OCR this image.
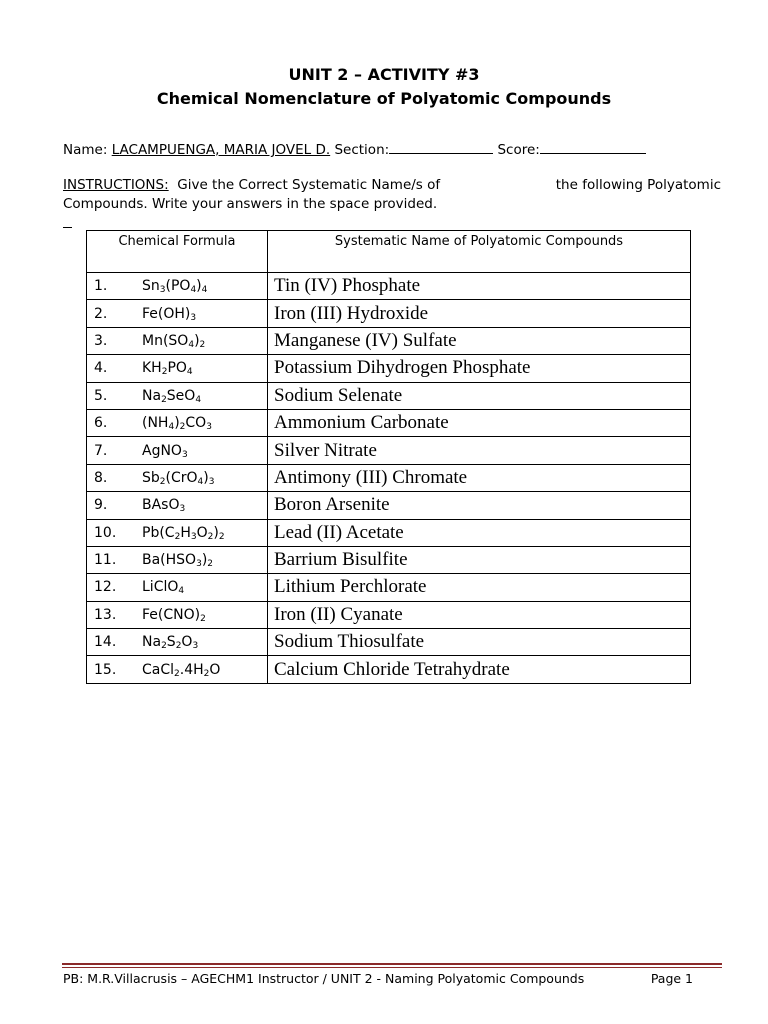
UNIT 2 – ACTIVITY #3
Chemical Nomenclature of Polyatomic Compounds
Name: LACAMPUENGA, MARIA JOVEL D. Section:	Score:
INSTRUCTIONS: Give the Correct Systematic Name/s of	the following Polyatomic
Compounds. Write your answers in the space provided.
Chemical Formula	Systematic Name of Polyatomic Compounds
1. $Sn_3(PO_4)_4$	Tin (IV) Phosphate
2. $Fe(OH)_3$	Iron (III) Hydroxide
3. $Mn(SO_4)_2$	Manganese (IV) Sulfate
4. $KH_2PO_4$	Potassium Dihydrogen Phosphate
5. $Na_2SeO_4$	Sodium Selenate
6. $(NH_4)_2CO_3$	Ammonium Carbonate
7. AgNO$_3$	Silver Nitrate
8. $Sb_2(CrO_4)_3$	Antimony (III) Chromate
9. BAsO$_3$	Boron Arsenite
10. $Pb(C_2H_3O_2)_2$	Lead (II) Acetate
11. $Ba(HSO_3)_2$	Barrium Bisulfite
12. LiClO$_4$	Lithium Perchlorate
13. $Fe(CNO)_2$	Iron (II) Cyanate
14. $Na_2S_2O_3$	Sodium Thiosulfate
15. $CaCl_2.4H_2O$	Calcium Chloride Tetrahydrate
PB: M.R.Villacrusis – AGECHM1 Instructor / UNIT 2 - Naming Polyatomic Compounds	Page 1
